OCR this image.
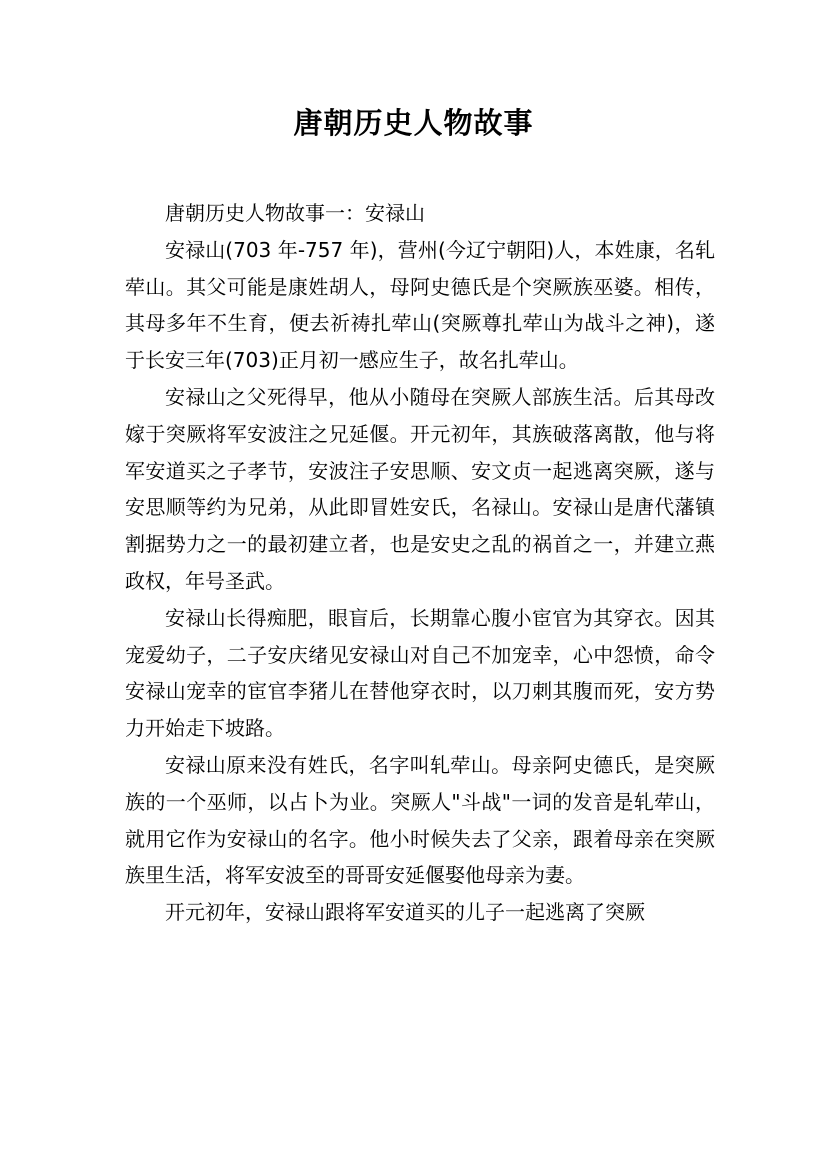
唐朝历史人物故事

唐朝历史人物故事一：安禄山

安禄山(703 年-757 年)，营州(今辽宁朝阳)人，本姓康，名轧荦山。其父可能是康姓胡人，母阿史德氏是个突厥族巫婆。相传，其母多年不生育，便去祈祷扎荦山(突厥尊扎荦山为战斗之神)，遂于长安三年(703)正月初一感应生子，故名扎荦山。

安禄山之父死得早，他从小随母在突厥人部族生活。后其母改嫁于突厥将军安波注之兄延偃。开元初年，其族破落离散，他与将军安道买之子孝节，安波注子安思顺、安文贞一起逃离突厥，遂与安思顺等约为兄弟，从此即冒姓安氏，名禄山。安禄山是唐代藩镇割据势力之一的最初建立者，也是安史之乱的祸首之一，并建立燕政权，年号圣武。

安禄山长得痴肥，眼盲后，长期靠心腹小宦官为其穿衣。因其宠爱幼子，二子安庆绪见安禄山对自己不加宠幸，心中怨愤，命令安禄山宠幸的宦官李猪儿在替他穿衣时，以刀刺其腹而死，安方势力开始走下坡路。

安禄山原来没有姓氏，名字叫轧荦山。母亲阿史德氏，是突厥族的一个巫师，以占卜为业。突厥人"斗战"一词的发音是轧荦山，就用它作为安禄山的名字。他小时候失去了父亲，跟着母亲在突厥族里生活，将军安波至的哥哥安延偃娶他母亲为妻。

开元初年，安禄山跟将军安道买的儿子一起逃离了突厥
